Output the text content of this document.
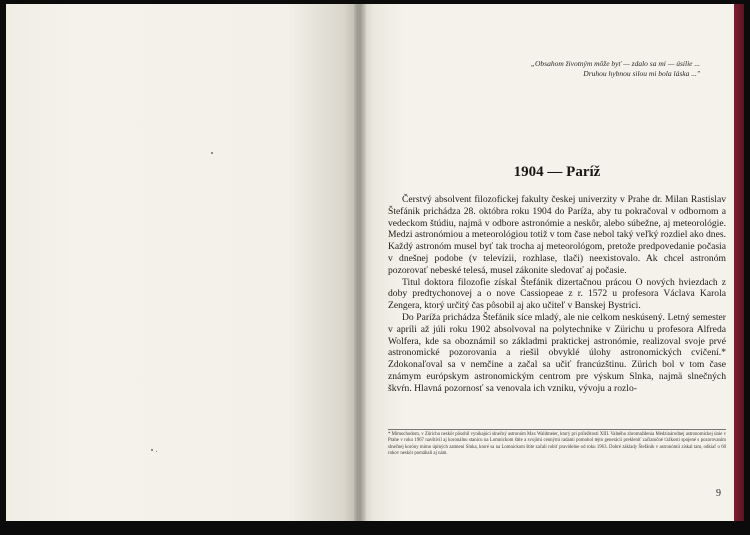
„Obsahom životným môže byť — zdalo sa mi — úsilie ... Druhou hybnou silou mi bola láska ..."
1904 — Paríž

Čerstvý absolvent filozofickej fakulty českej univerzity v Prahe dr. Milan Rastislav Štefánik prichádza 28. októbra roku 1904 do Paríža, aby tu pokračoval v odbornom a vedeckom štúdiu, najmä v odbore astronómie a neskôr, alebo súbežne, aj meteorológie. Medzi astronómiou a meteorológiou totiž v tom čase nebol taký veľký rozdiel ako dnes. Každý astronóm musel byť tak trocha aj meteorológom, pretože predpovedanie počasia v dnešnej podobe (v televízii, rozhlase, tlači) neexistovalo. Ak chcel astronóm pozorovať nebeské telesá, musel zákonite sledovať aj počasie.

Titul doktora filozofie získal Štefánik dizertačnou prácou O nových hviezdach z doby predtychonovej a o nove Cassiopeae z r. 1572 u profesora Václava Karola Zengera, ktorý určitý čas pôsobil aj ako učiteľ v Banskej Bystrici.

Do Paríža prichádza Štefánik síce mladý, ale nie celkom neskúsený. Letný semester v apríli až júli roku 1902 absolvoval na polytechnike v Zürichu u profesora Alfreda Wolfera, kde sa oboznámil so základmi praktickej astronómie, realizoval svoje prvé astronomické pozorovania a riešil obvyklé úlohy astronomických cvičení.* Zdokonaľoval sa v nemčine a začal sa učiť francúzštinu. Zürich bol v tom čase známym európskym astronomickým centrom pre výskum Slnka, najmä slnečných škvŕn. Hlavná pozornosť sa venovala ich vzniku, vývoju a rozlo-

* Mimochodom, v Zürichu neskôr pôsobil vynikajúci slnečný astronóm Max Waldmeier, ktorý pri príležitosti XIII. Valného zhromaždenia Medzinárodnej astronomickej únie v Prahe v roku 1967 navštívil aj koronálnu stanicu na Lomnickom štíte a svojimi cennými radami pomohol tejto generácii prekleniť začiatočné ťažkosti spojené s pozorovaním slnečnej koróny mimo úplných zatmení Slnka, ktoré sa na Lomnickom štíte začali robiť pravidelne od roku 1963. Dobré základy Štefánik v astronómii získal tam, odkiaľ o 60 rokov neskôr pomáhali aj nám.
9
